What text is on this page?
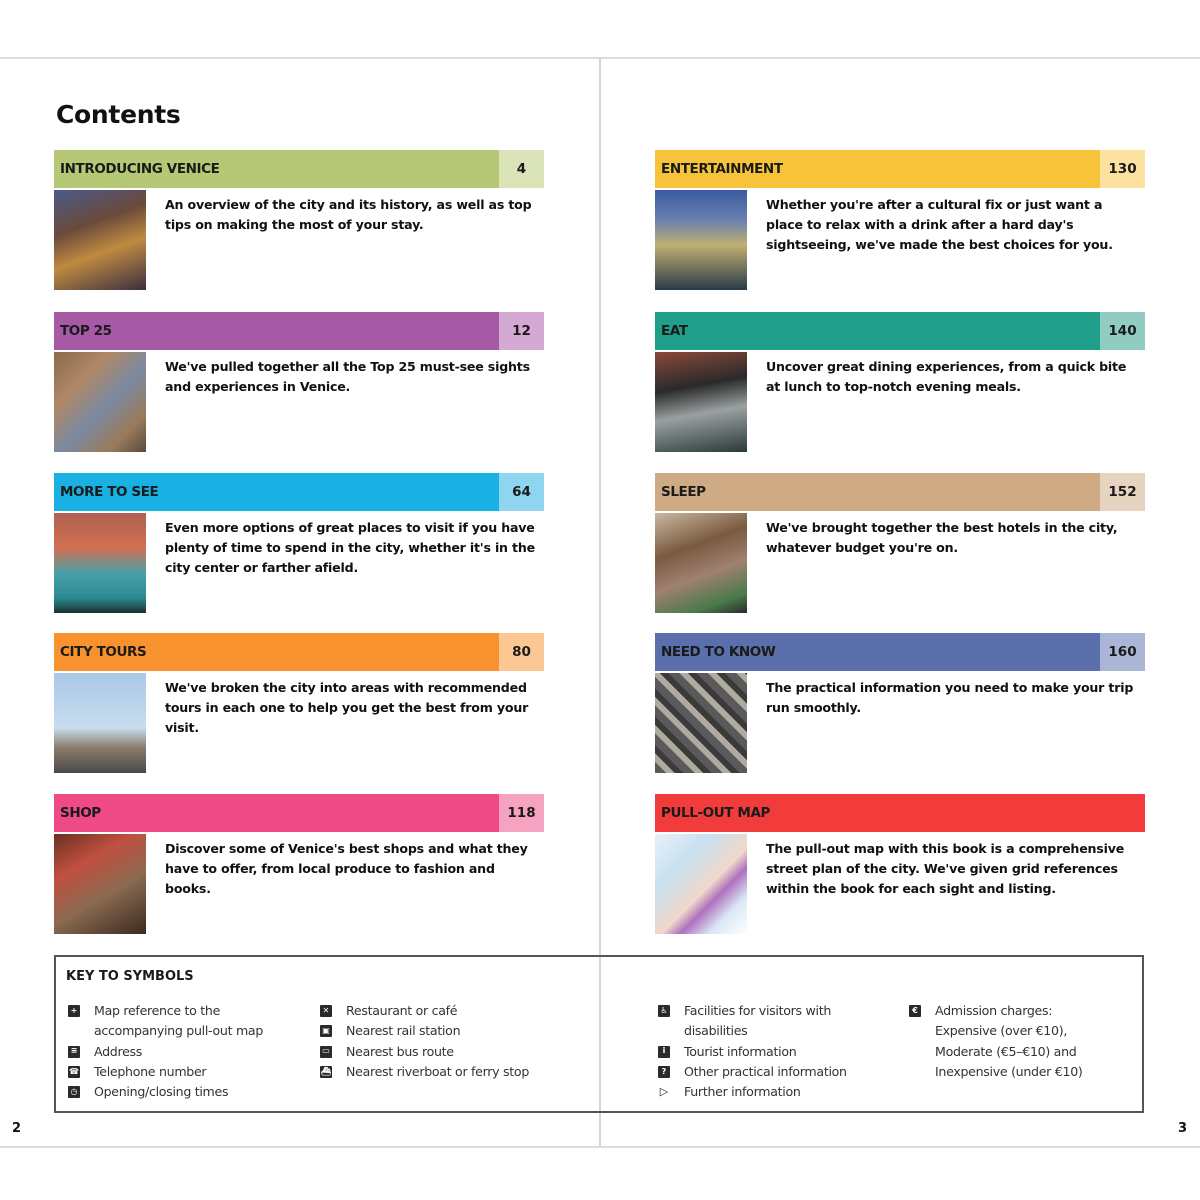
Contents
INTRODUCING VENICE	4
An overview of the city and its history, as well as top tips on making the most of your stay.
TOP 25	12
We've pulled together all the Top 25 must-see sights and experiences in Venice.
MORE TO SEE	64
Even more options of great places to visit if you have plenty of time to spend in the city, whether it's in the city center or farther afield.
CITY TOURS	80
We've broken the city into areas with recommended tours in each one to help you get the best from your visit.
SHOP	118
Discover some of Venice's best shops and what they have to offer, from local produce to fashion and books.
ENTERTAINMENT	130
Whether you're after a cultural fix or just want a place to relax with a drink after a hard day's sightseeing, we've made the best choices for you.
EAT	140
Uncover great dining experiences, from a quick bite at lunch to top-notch evening meals.
SLEEP	152
We've brought together the best hotels in the city, whatever budget you're on.
NEED TO KNOW	160
The practical information you need to make your trip run smoothly.
PULL-OUT MAP
The pull-out map with this book is a comprehensive street plan of the city. We've given grid references within the book for each sight and listing.
KEY TO SYMBOLS
+ Map reference to the accompanying pull-out map
≡ Address
☎ Telephone number
◷ Opening/closing times
✕ Restaurant or café
▣ Nearest rail station
▭ Nearest bus route
⛴ Nearest riverboat or ferry stop
♿ Facilities for visitors with disabilities
i	Tourist information
? Other practical information
▷ Further information
€ Admission charges: Expensive (over €10), Moderate (€5–€10) and Inexpensive (under €10)
2	3
